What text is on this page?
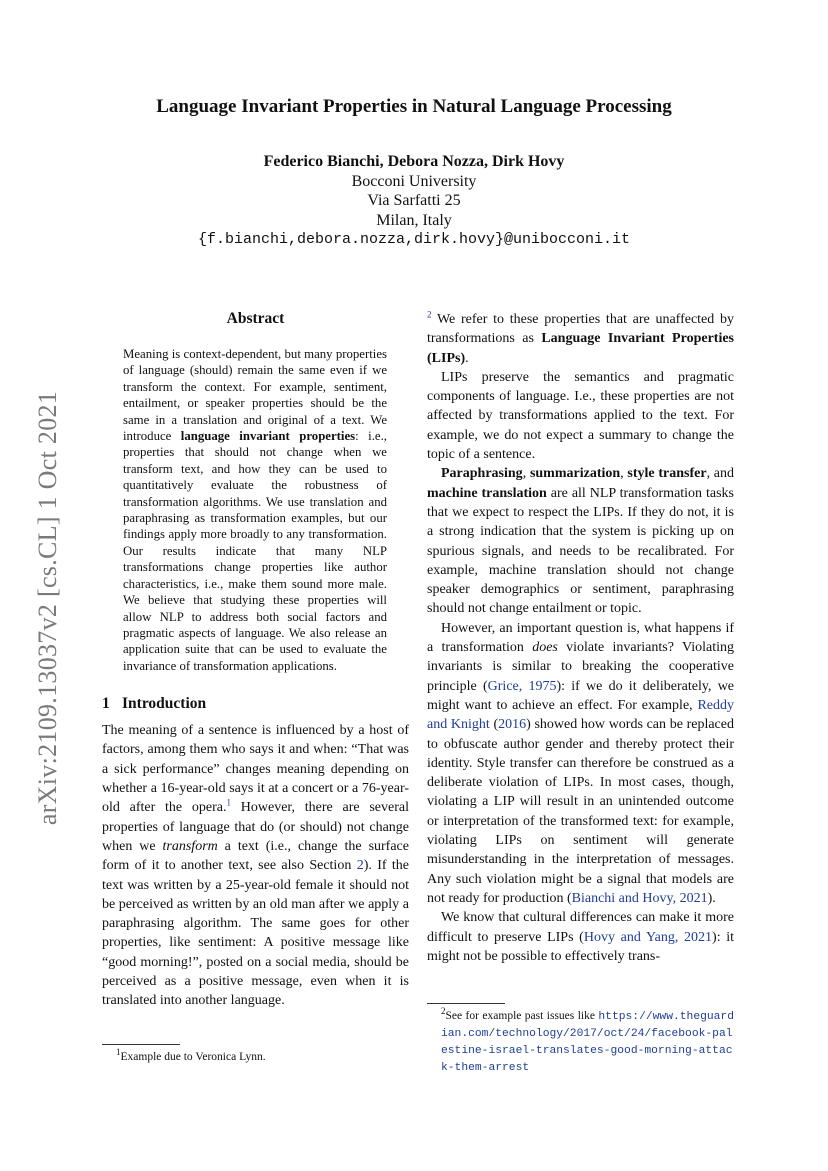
arXiv:2109.13037v2 [cs.CL] 1 Oct 2021
Language Invariant Properties in Natural Language Processing
Federico Bianchi, Debora Nozza, Dirk Hovy
Bocconi University
Via Sarfatti 25
Milan, Italy
{f.bianchi,debora.nozza,dirk.hovy}@unibocconi.it
Abstract
Meaning is context-dependent, but many properties of language (should) remain the same even if we transform the context. For example, sentiment, entailment, or speaker properties should be the same in a translation and original of a text. We introduce language invariant properties: i.e., properties that should not change when we transform text, and how they can be used to quantitatively evaluate the robustness of transformation algorithms. We use translation and paraphrasing as transformation examples, but our findings apply more broadly to any transformation. Our results indicate that many NLP transformations change properties like author characteristics, i.e., make them sound more male. We believe that studying these properties will allow NLP to address both social factors and pragmatic aspects of language. We also release an application suite that can be used to evaluate the invariance of transformation applications.
1 Introduction

The meaning of a sentence is influenced by a host of factors, among them who says it and when: “That was a sick performance” changes meaning depending on whether a 16-year-old says it at a concert or a 76-year-old after the opera.$^1$ However, there are several properties of language that do (or should) not change when we transform a text (i.e., change the surface form of it to another text, see also Section 2). If the text was written by a 25-year-old female it should not be perceived as written by an old man after we apply a paraphrasing algorithm. The same goes for other properties, like sentiment: A positive message like “good morning!”, posted on a social media, should be perceived as a positive message, even when it is translated into another language.

$^2$ We refer to these properties that are unaffected by transformations as Language Invariant Properties (LIPs).

LIPs preserve the semantics and pragmatic components of language. I.e., these properties are not affected by transformations applied to the text. For example, we do not expect a summary to change the topic of a sentence.

Paraphrasing, summarization, style transfer, and machine translation are all NLP transformation tasks that we expect to respect the LIPs. If they do not, it is a strong indication that the system is picking up on spurious signals, and needs to be recalibrated. For example, machine translation should not change speaker demographics or sentiment, paraphrasing should not change entailment or topic.

However, an important question is, what happens if a transformation does violate invariants? Violating invariants is similar to breaking the cooperative principle (Grice, 1975): if we do it deliberately, we might want to achieve an effect. For example, Reddy and Knight (2016) showed how words can be replaced to obfuscate author gender and thereby protect their identity. Style transfer can therefore be construed as a deliberate violation of LIPs. In most cases, though, violating a LIP will result in an unintended outcome or interpretation of the transformed text: for example, violating LIPs on sentiment will generate misunderstanding in the interpretation of messages. Any such violation might be a signal that models are not ready for production (Bianchi and Hovy, 2021).

We know that cultural differences can make it more difficult to preserve LIPs (Hovy and Yang, 2021): it might not be possible to effectively trans-

$^1$Example due to Veronica Lynn.
$^2$See for example past issues like https://www.theguardian.com/technology/2017/oct/24/facebook-palestine-israel-translates-good-morning-attack-them-arrest
